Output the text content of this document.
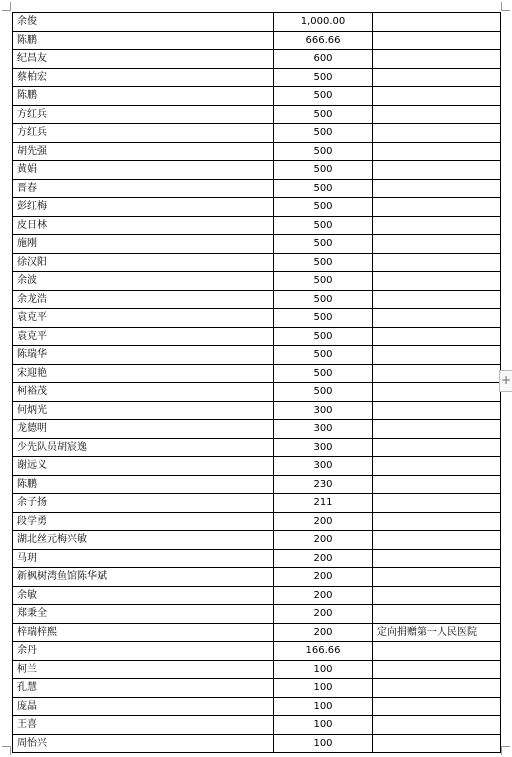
余俊	1,000.00	
陈鹏	666.66	
纪昌友	600	
蔡柏宏	500	
陈鹏	500	
方红兵	500	
方红兵	500	
胡先强	500	
黄娟	500	
晋春	500	
彭红梅	500	
皮日林	500	
施刚	500	
徐汉阳	500	
余波	500	
余龙浩	500	
袁克平	500	
袁克平	500	
陈瑞华	500	
宋迎艳	500	
柯裕茂	500	
何炳光	300	
龙德明	300	
少先队员胡宸逸	300	
谢远义	300	
陈鹏	230	
余子扬	211	
段学勇	200	
湖北丝元梅兴敏	200	
马玥	200	
新枫树湾鱼馆陈华斌	200	
余敏	200	
郑秉全	200	
梓瑞梓熙	200	定向捐赠第一人民医院
余丹	166.66	
柯兰	100	
孔慧	100	
庞晶	100	
王喜	100	
周怡兴	100	
+
